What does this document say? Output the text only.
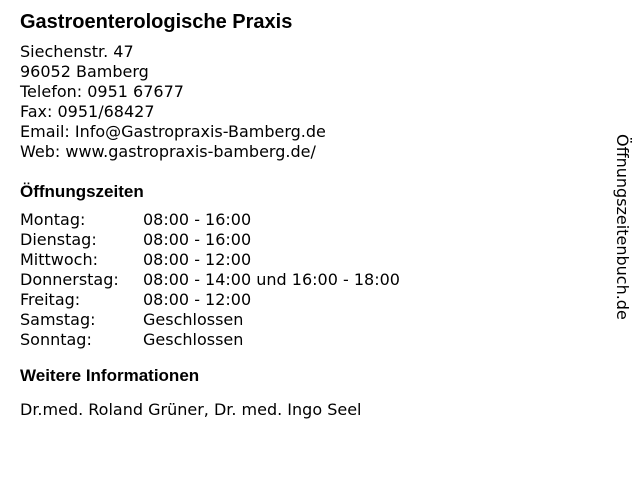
Gastroenterologische Praxis
Siechenstr. 47
96052 Bamberg
Telefon: 0951 67677
Fax: 0951/68427
Email: Info@Gastropraxis-Bamberg.de
Web: www.gastropraxis-bamberg.de/
Öffnungszeiten
Montag:	08:00 - 16:00
Dienstag:	08:00 - 16:00
Mittwoch:	08:00 - 12:00
Donnerstag:	08:00 - 14:00 und 16:00 - 18:00
Freitag:	08:00 - 12:00
Samstag:	Geschlossen
Sonntag:	Geschlossen
Weitere Informationen
Dr.med. Roland Grüner, Dr. med. Ingo Seel
Öffnungszeitenbuch.de
